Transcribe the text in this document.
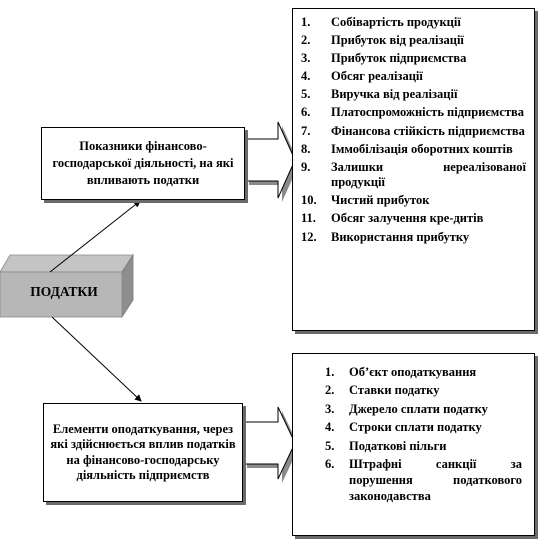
ПОДАТКИ
Показники фінансово-господарської діяльності, на які впливають податки
Елементи оподаткування, через які здійснюється вплив податків на фінансово-господарську діяльність підприємств
1.	Собівартість продукції
2.	Прибуток від реалізації
3.	Прибуток підприємства
4.	Обсяг реалізації
5.	Виручка від реалізації
6.	Платоспроможність підприємства
7.	Фінансова стійкість підприємства
8.	Іммобілізація оборотних коштів
9.	Залишки нереалізованої продукції
10.	Чистий прибуток
11.	Обсяг залучення кре-дитів
12.	Використання прибутку
1.	Об’єкт оподаткування
2.	Ставки податку
3.	Джерело сплати податку
4.	Строки сплати податку
5.	Податкові пільги
6.	Штрафні санкції за порушення податкового законодавства
